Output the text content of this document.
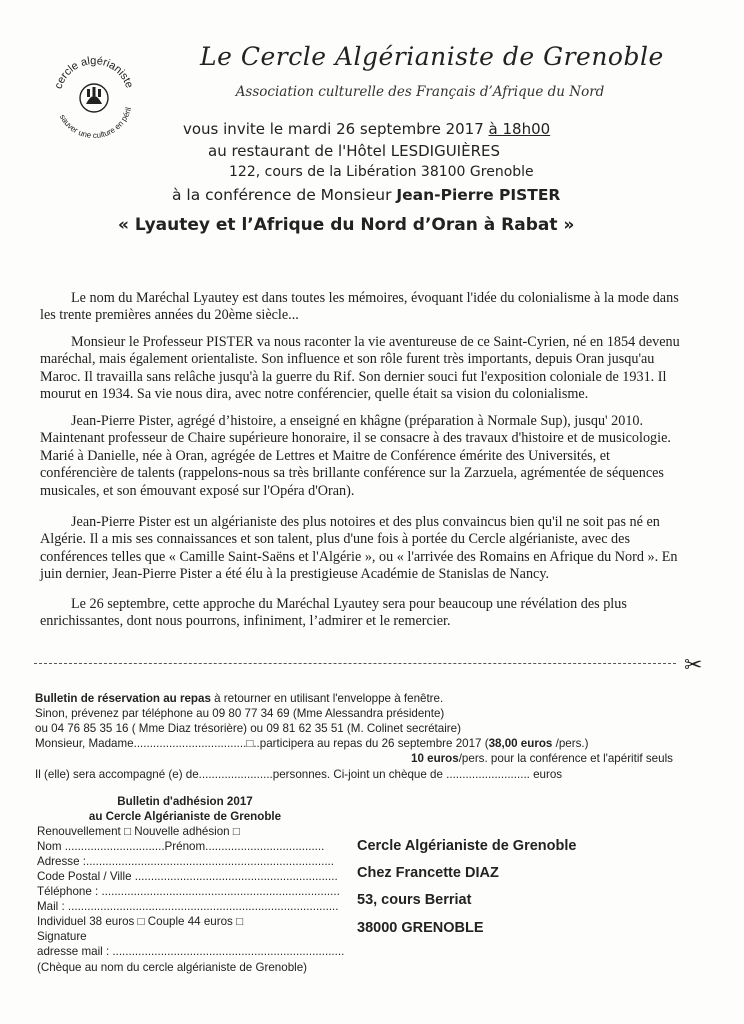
cercle algérianiste
sauver une culture en péril
Le Cercle Algérianiste de Grenoble
Association culturelle des Français d’Afrique du Nord
vous invite le mardi 26 septembre 2017 à 18h00
au restaurant de l'Hôtel LESDIGUIÈRES
122, cours de la Libération 38100 Grenoble
à la conférence de Monsieur Jean-Pierre PISTER
« Lyautey et l’Afrique du Nord d’Oran à Rabat »
Le nom du Maréchal Lyautey est dans toutes les mémoires, évoquant l'idée du colonialisme à la mode dans les trente premières années du 20ème siècle...
Monsieur le Professeur PISTER va nous raconter la vie aventureuse de ce Saint-Cyrien, né en 1854 devenu maréchal, mais également orientaliste. Son influence et son rôle furent très importants, depuis Oran jusqu'au Maroc. Il travailla sans relâche jusqu'à la guerre du Rif. Son dernier souci fut l'exposition coloniale de 1931. Il mourut en 1934. Sa vie nous dira, avec notre conférencier, quelle était sa vision du colonialisme.
Jean-Pierre Pister, agrégé d’histoire, a enseigné en khâgne (préparation à Normale Sup), jusqu' 2010. Maintenant professeur de Chaire supérieure honoraire, il se consacre à des travaux d'histoire et de musicologie. Marié à Danielle, née à Oran, agrégée de Lettres et Maitre de Conférence émérite des Universités, et conférencière de talents (rappelons-nous sa très brillante conférence sur la Zarzuela, agrémentée de séquences musicales, et son émouvant exposé sur l'Opéra d'Oran).
Jean-Pierre Pister est un algérianiste des plus notoires et des plus convaincus bien qu'il ne soit pas né en Algérie. Il a mis ses connaissances et son talent, plus d'une fois à portée du Cercle algérianiste, avec des conférences telles que « Camille Saint-Saëns et l'Algérie », ou « l'arrivée des Romains en Afrique du Nord ». En juin dernier, Jean-Pierre Pister a été élu à la prestigieuse Académie de Stanislas de Nancy.
Le 26 septembre, cette approche du Maréchal Lyautey sera pour beaucoup une révélation des plus enrichissantes, dont nous pourrons, infiniment, l’admirer et le remercier.
✂
Bulletin de réservation au repas à retourner en utilisant l'enveloppe à fenêtre.
Sinon, prévenez par téléphone au 09 80 77 34 69 (Mme Alessandra présidente)
ou 04 76 85 35 16 ( Mme Diaz trésorière) ou 09 81 62 35 51 (M. Colinet secrétaire)
Monsieur, Madame...................................□..participera au repas du 26 septembre 2017 (38,00 euros /pers.)
10 euros/pers. pour la conférence et l'apéritif seuls
Il (elle) sera accompagné (e) de.......................personnes. Ci-joint un chèque de .......................... euros
Bulletin d'adhésion 2017
au Cercle Algérianiste de Grenoble
Renouvellement □ Nouvelle adhésion □
Nom ...............................Prénom.....................................
Adresse :.............................................................................
Code Postal / Ville ...............................................................
Téléphone : ..........................................................................
Mail : ....................................................................................
Individuel 38 euros □ Couple 44 euros □
Signature
adresse mail : ........................................................................
(Chèque au nom du cercle algérianiste de Grenoble)
Cercle Algérianiste de Grenoble
Chez Francette DIAZ
53, cours Berriat
38000 GRENOBLE
